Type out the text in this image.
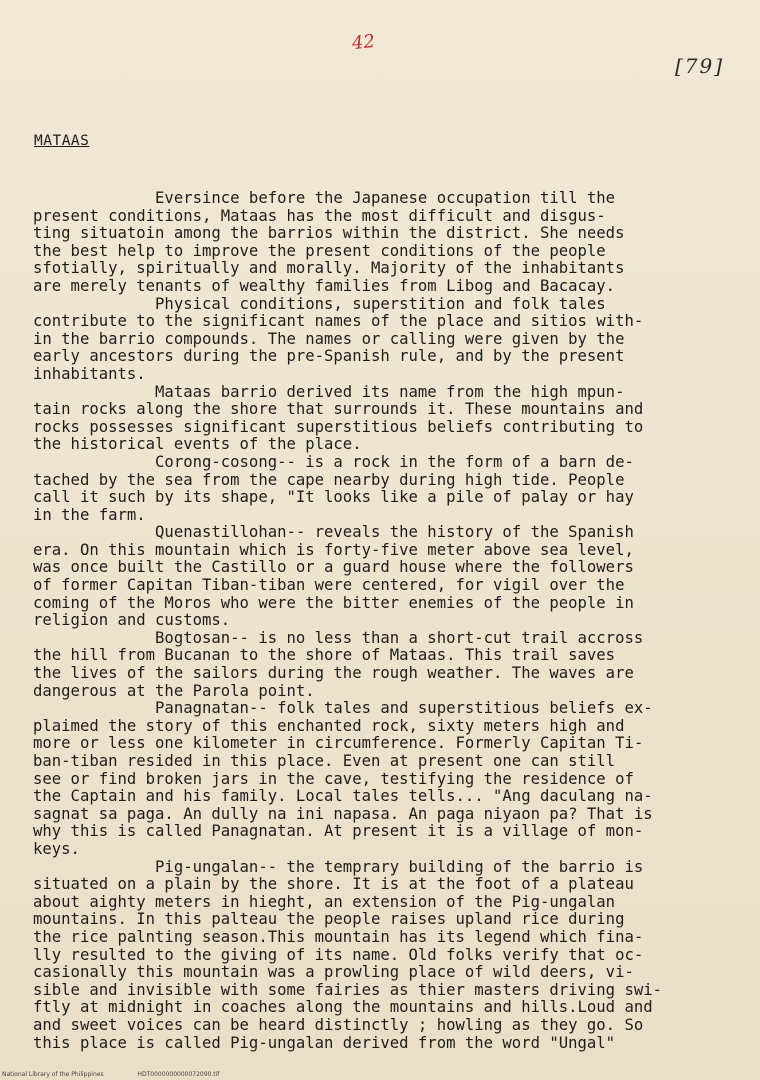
42
[79]
MATAAS
Eversince before the Japanese occupation till the
present conditions, Mataas has the most difficult and disgus-
ting situatoin among the barrios within the district. She needs
the best help to improve the present conditions of the people
sfotially, spiritually and morally. Majority of the inhabitants
are merely tenants of wealthy families from Libog and Bacacay.
Physical conditions, superstition and folk tales
contribute to the significant names of the place and sitios with-
in the barrio compounds. The names or calling were given by the
early ancestors during the pre-Spanish rule, and by the present
inhabitants.
Mataas barrio derived its name from the high mpun-
tain rocks along the shore that surrounds it. These mountains and
rocks possesses significant superstitious beliefs contributing to
the historical events of the place.
Corong-cosong-- is a rock in the form of a barn de-
tached by the sea from the cape nearby during high tide. People
call it such by its shape, "It looks like a pile of palay or hay
in the farm.
Quenastillohan-- reveals the history of the Spanish
era. On this mountain which is forty-five meter above sea level,
was once built the Castillo or a guard house where the followers
of former Capitan Tiban-tiban were centered, for vigil over the
coming of the Moros who were the bitter enemies of the people in
religion and customs.
Bogtosan-- is no less than a short-cut trail accross
the hill from Bucanan to the shore of Mataas. This trail saves
the lives of the sailors during the rough weather. The waves are
dangerous at the Parola point.
Panagnatan-- folk tales and superstitious beliefs ex-
plaimed the story of this enchanted rock, sixty meters high and
more or less one kilometer in circumference. Formerly Capitan Ti-
ban-tiban resided in this place. Even at present one can still
see or find broken jars in the cave, testifying the residence of
the Captain and his family. Local tales tells... "Ang daculang na-
sagnat sa paga. An dully na ini napasa. An paga niyaon pa? That is
why this is called Panagnatan. At present it is a village of mon-
keys.
Pig-ungalan-- the temprary building of the barrio is
situated on a plain by the shore. It is at the foot of a plateau
about aighty meters in hieght, an extension of the Pig-ungalan
mountains. In this palteau the people raises upland rice during
the rice palnting season.This mountain has its legend which fina-
lly resulted to the giving of its name. Old folks verify that oc-
casionally this mountain was a prowling place of wild deers, vi-
sible and invisible with some fairies as thier masters driving swi-
ftly at midnight in coaches along the mountains and hills.Loud and
and sweet voices can be heard distinctly ; howling as they go. So
this place is called Pig-ungalan derived from the word "Ungal"
National Library of the Philippines	HDT0000000000072090.tif
